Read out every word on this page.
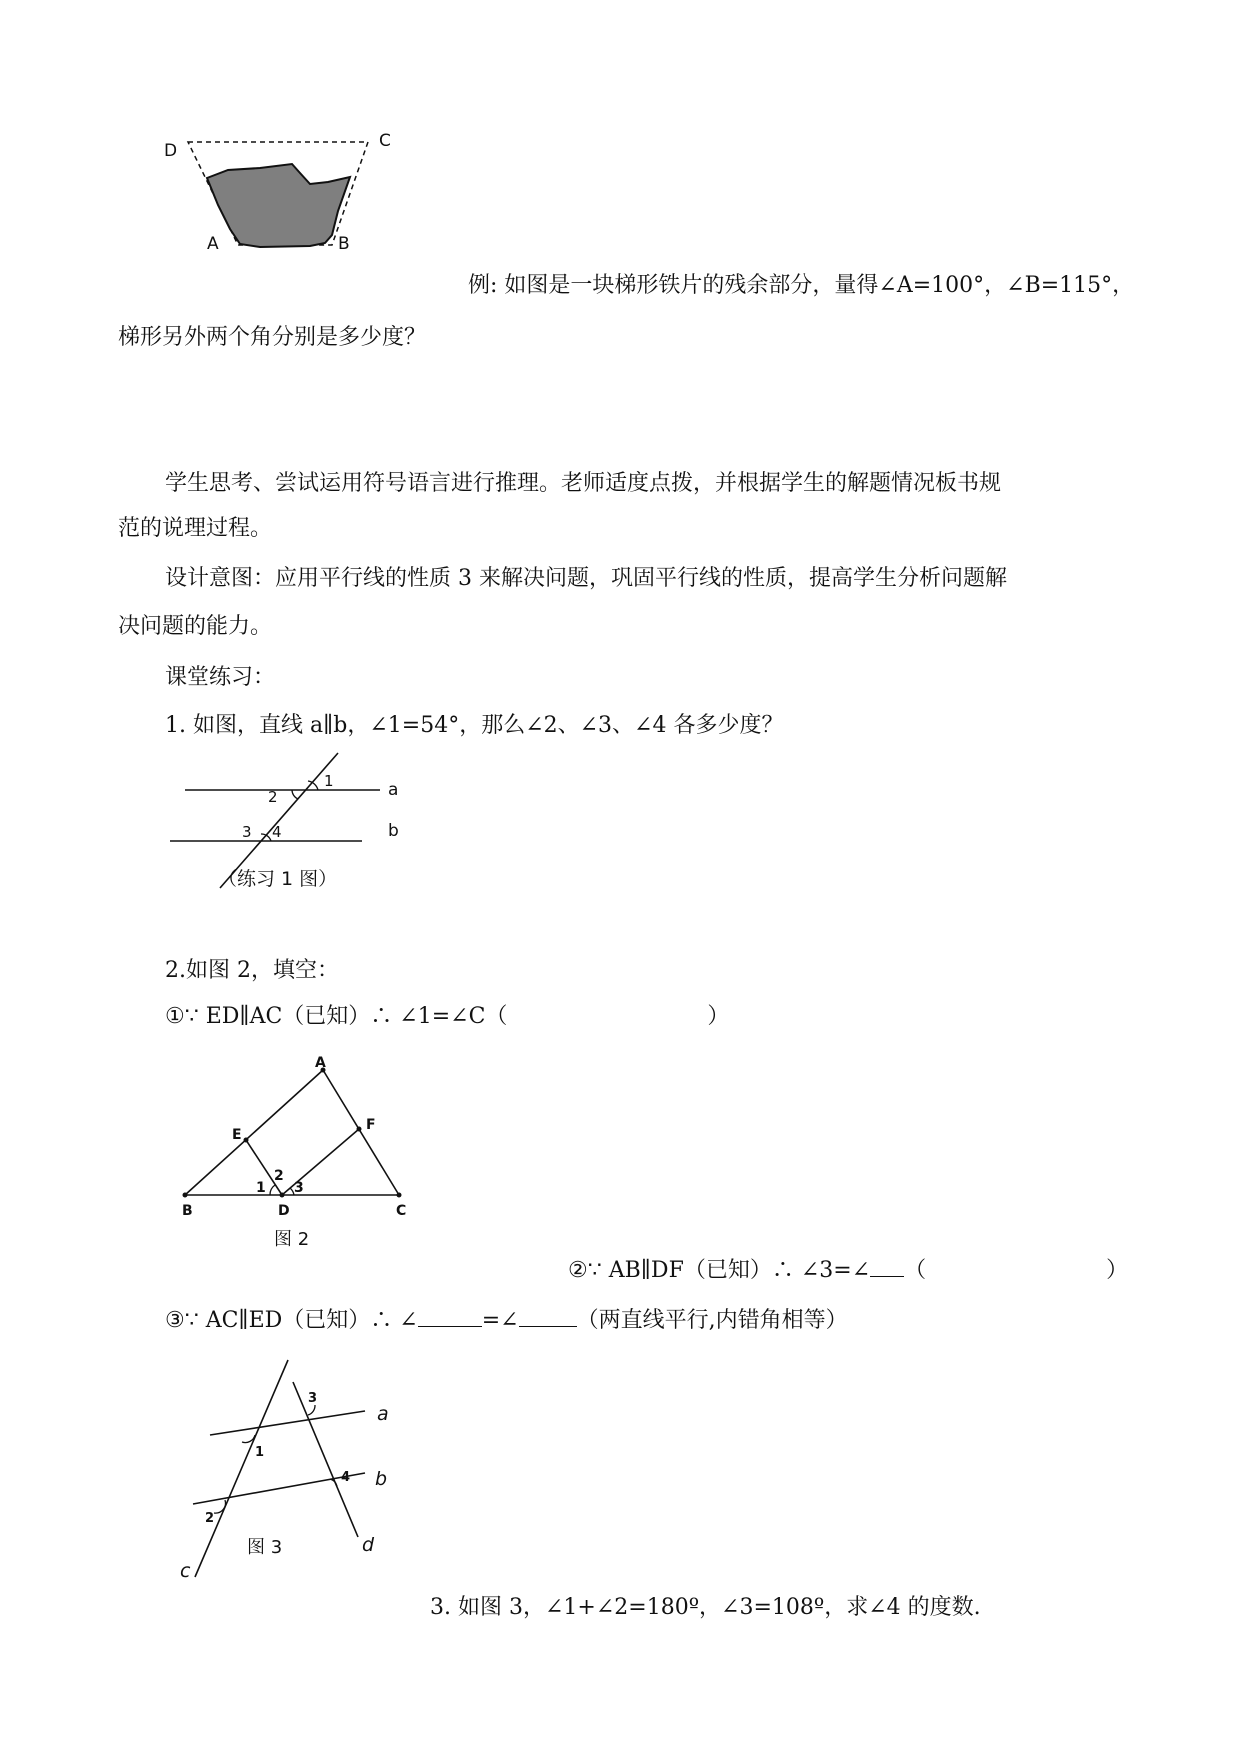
D	C
A	B
例: 如图是一块梯形铁片的残余部分，量得∠A=100°，∠B=115°，
梯形另外两个角分别是多少度？
学生思考、尝试运用符号语言进行推理。老师适度点拨，并根据学生的解题情况板书规
范的说理过程。
设计意图：应用平行线的性质 3 来解决问题，巩固平行线的性质，提高学生分析问题解
决问题的能力。
课堂练习：
1. 如图，直线 a∥b，∠1=54°，那么∠2、∠3、∠4 各多少度？
1
2
3 4
a
b
（练习 1 图）
2.如图 2，填空：
①∵ ED∥AC（已知）∴ ∠1=∠C（	）
A
E
F
B	D	C
1
2
3
图 2
②∵ AB∥DF（已知）∴ ∠3=∠ （	）
③∵ AC∥ED（已知）∴ ∠	=∠	（两直线平行,内错角相等）
1
2
3
4
a
b
c
d
图 3
3. 如图 3，∠1+∠2=180º，∠3=108º，求∠4 的度数.
